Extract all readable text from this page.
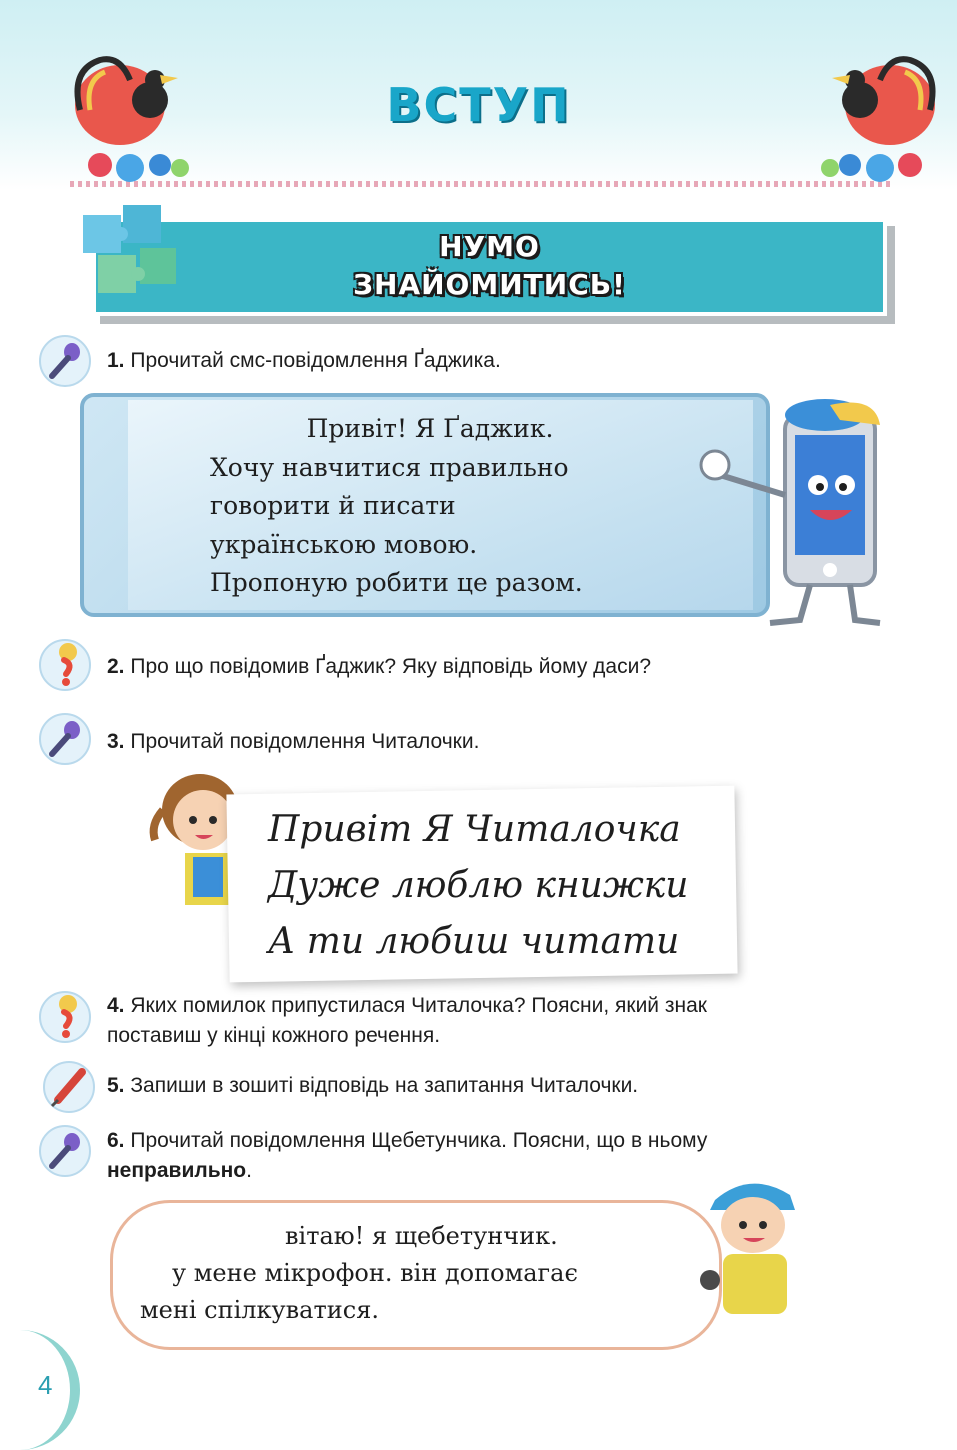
ВСТУП
НУМО
ЗНАЙОМИТИСЬ!
1. Прочитай смс-повідомлення Ґаджика.
Привіт! Я Ґаджик.
Хочу навчитися правильно
говорити й писати
українською мовою.
Пропоную робити це разом.
2. Про що повідомив Ґаджик? Яку відповідь йому даси?
3. Прочитай повідомлення Читалочки.
Привіт Я Читалочка
Дуже люблю книжки
А ти любиш читати
4. Яких помилок припустилася Читалочка? Поясни, який знак
поставиш у кінці кожного речення.
5. Запиши в зошиті відповідь на запитання Читалочки.
6. Прочитай повідомлення Щебетунчика. Поясни, що в ньому
неправильно.
вітаю! я щебетунчик.
у мене мікрофон. він допомагає
мені спілкуватися.
4
